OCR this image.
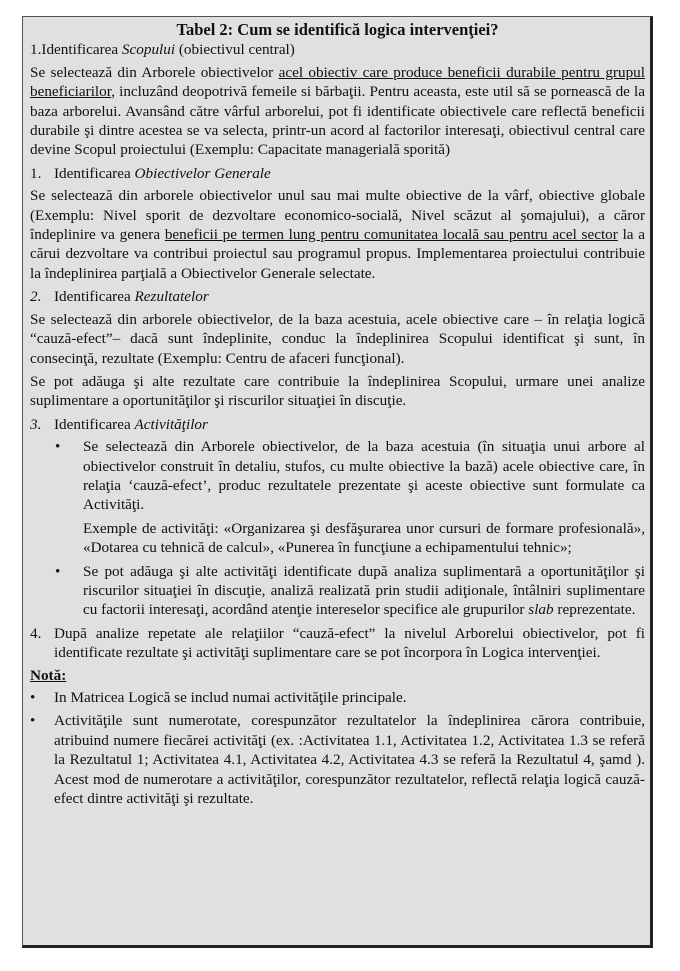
Tabel 2: Cum se identifică logica intervenţiei?
1.Identificarea Scopului (obiectivul central)

Se selectează din Arborele obiectivelor acel obiectiv care produce beneficii durabile pentru grupul beneficiarilor, incluzând deopotrivă femeile si bărbaţii. Pentru aceasta, este util să se pornească de la baza arborelui. Avansând către vârful arborelui, pot fi identificate obiectivele care reflectă beneficii durabile şi dintre acestea se va selecta, printr-un acord al factorilor interesaţi, obiectivul central care devine Scopul proiectului (Exemplu: Capacitate managerială sporită)

1. Identificarea Obiectivelor Generale

Se selectează din arborele obiectivelor unul sau mai multe obiective de la vârf, obiective globale (Exemplu: Nivel sporit de dezvoltare economico-socială, Nivel scăzut al şomajului), a căror îndeplinire va genera beneficii pe termen lung pentru comunitatea locală sau pentru acel sector la a cărui dezvoltare va contribui proiectul sau programul propus. Implementarea proiectului contribuie la îndeplinirea parţială a Obiectivelor Generale selectate.

2. Identificarea Rezultatelor

Se selectează din arborele obiectivelor, de la baza acestuia, acele obiective care – în relaţia logică “cauză-efect”– dacă sunt îndeplinite, conduc la îndeplinirea Scopului identificat şi sunt, în consecinţă, rezultate (Exemplu: Centru de afaceri funcţional).

Se pot adăuga şi alte rezultate care contribuie la îndeplinirea Scopului, urmare unei analize suplimentare a oportunităţilor şi riscurilor situaţiei în discuţie.

3. Identificarea Activităţilor
• Se selectează din Arborele obiectivelor, de la baza acestuia (în situaţia unui arbore al obiectivelor construit în detaliu, stufos, cu multe obiective la bază) acele obiective care, în relaţia ‘cauză-efect’, produc rezultatele prezentate şi aceste obiective sunt formulate ca Activităţi.

Exemple de activităţi: «Organizarea şi desfăşurarea unor cursuri de formare profesională», «Dotarea cu tehnică de calcul», «Punerea în funcţiune a echipamentului tehnic»;

• Se pot adăuga şi alte activităţi identificate după analiza suplimentară a oportunităţilor şi riscurilor situaţiei în discuţie, analiză realizată prin studii adiţionale, întâlniri suplimentare cu factorii interesaţi, acordând atenţie intereselor specifice ale grupurilor slab reprezentate.
4. După analize repetate ale relaţiilor “cauză-efect” la nivelul Arborelui obiectivelor, pot fi identificate rezultate şi activităţi suplimentare care se pot încorpora în Logica intervenţiei.
Notă:
• In Matricea Logică se includ numai activităţile principale.
• Activităţile sunt numerotate, corespunzător rezultatelor la îndeplinirea cărora contribuie, atribuind numere fiecărei activităţi (ex. :Activitatea 1.1, Activitatea 1.2, Activitatea 1.3 se referă la Rezultatul 1; Activitatea 4.1, Activitatea 4.2, Activitatea 4.3 se referă la Rezultatul 4, şamd ). Acest mod de numerotare a activităţilor, corespunzător rezultatelor, reflectă relaţia logică cauză-efect dintre activităţi şi rezultate.
